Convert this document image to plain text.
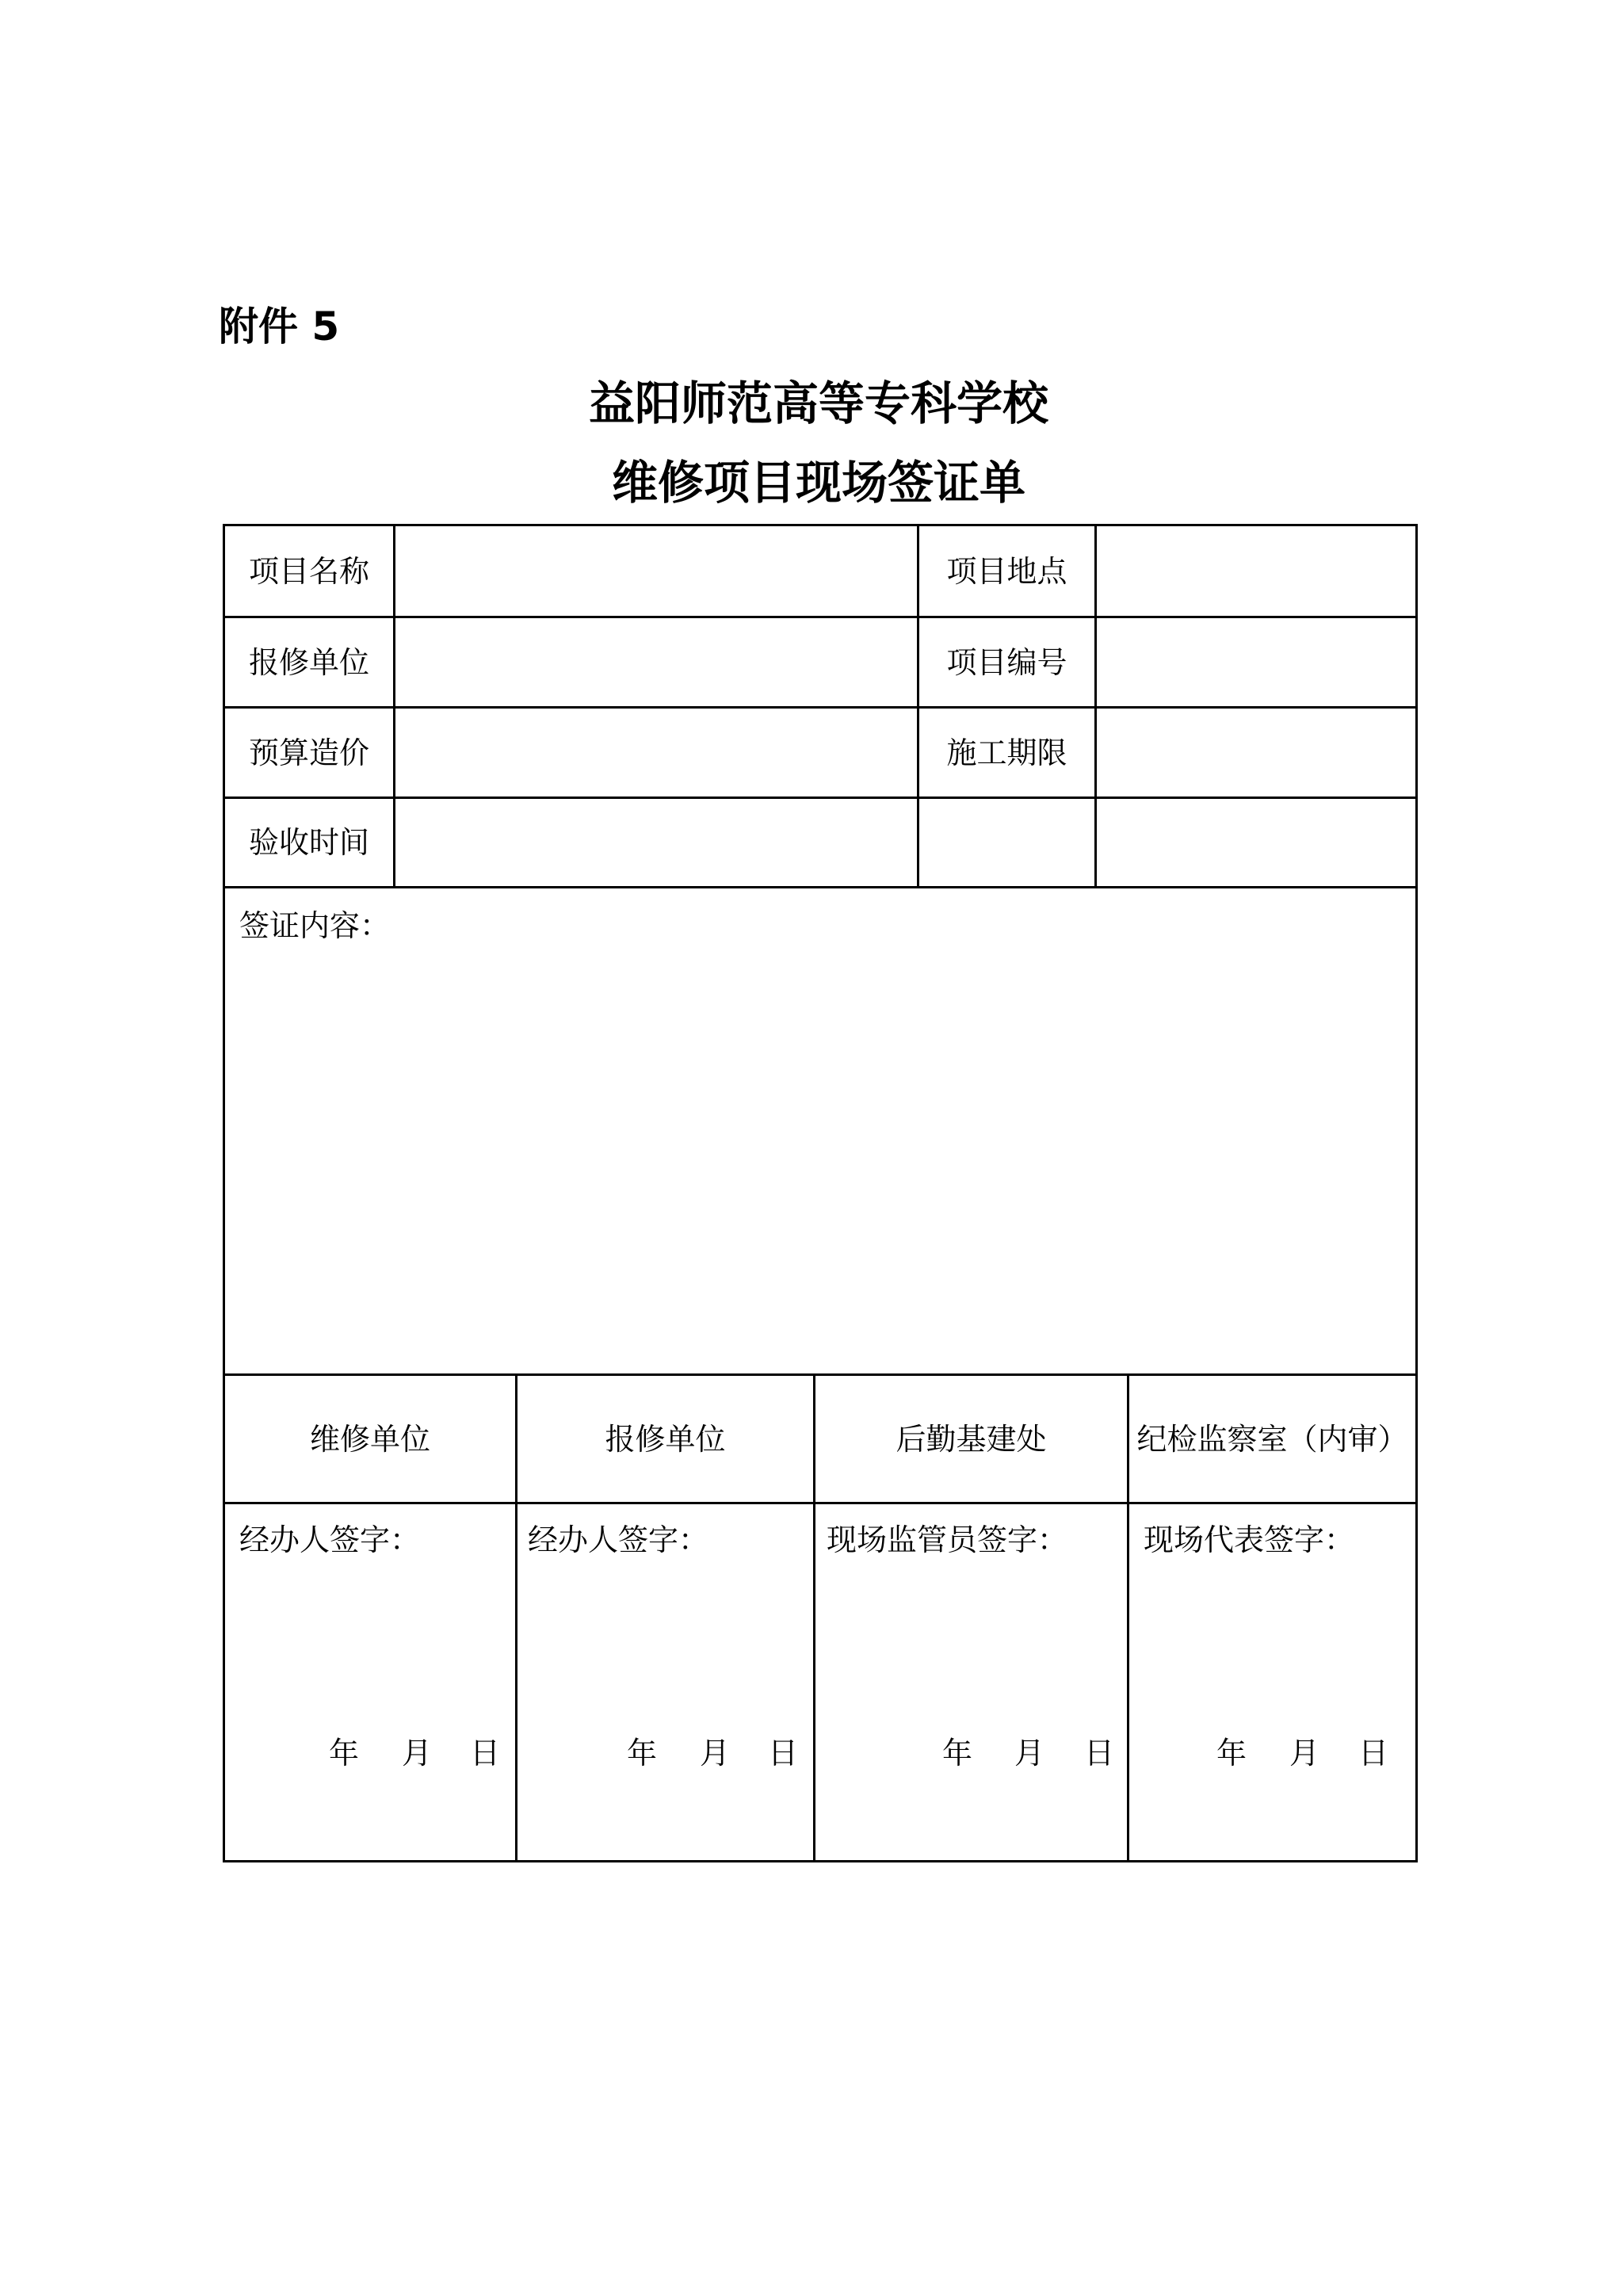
附件 5
益阳师范高等专科学校
维修项目现场签证单
项目名称	项目地点
报修单位	项目编号
预算造价	施工期限
验收时间
签证内容：
维修单位	报修单位	后勤基建处	纪检监察室（内审）
经办人签字：	经办人签字：	现场监管员签字：	现场代表签字：
年 月 日	年 月 日	年 月 日	年 月 日
